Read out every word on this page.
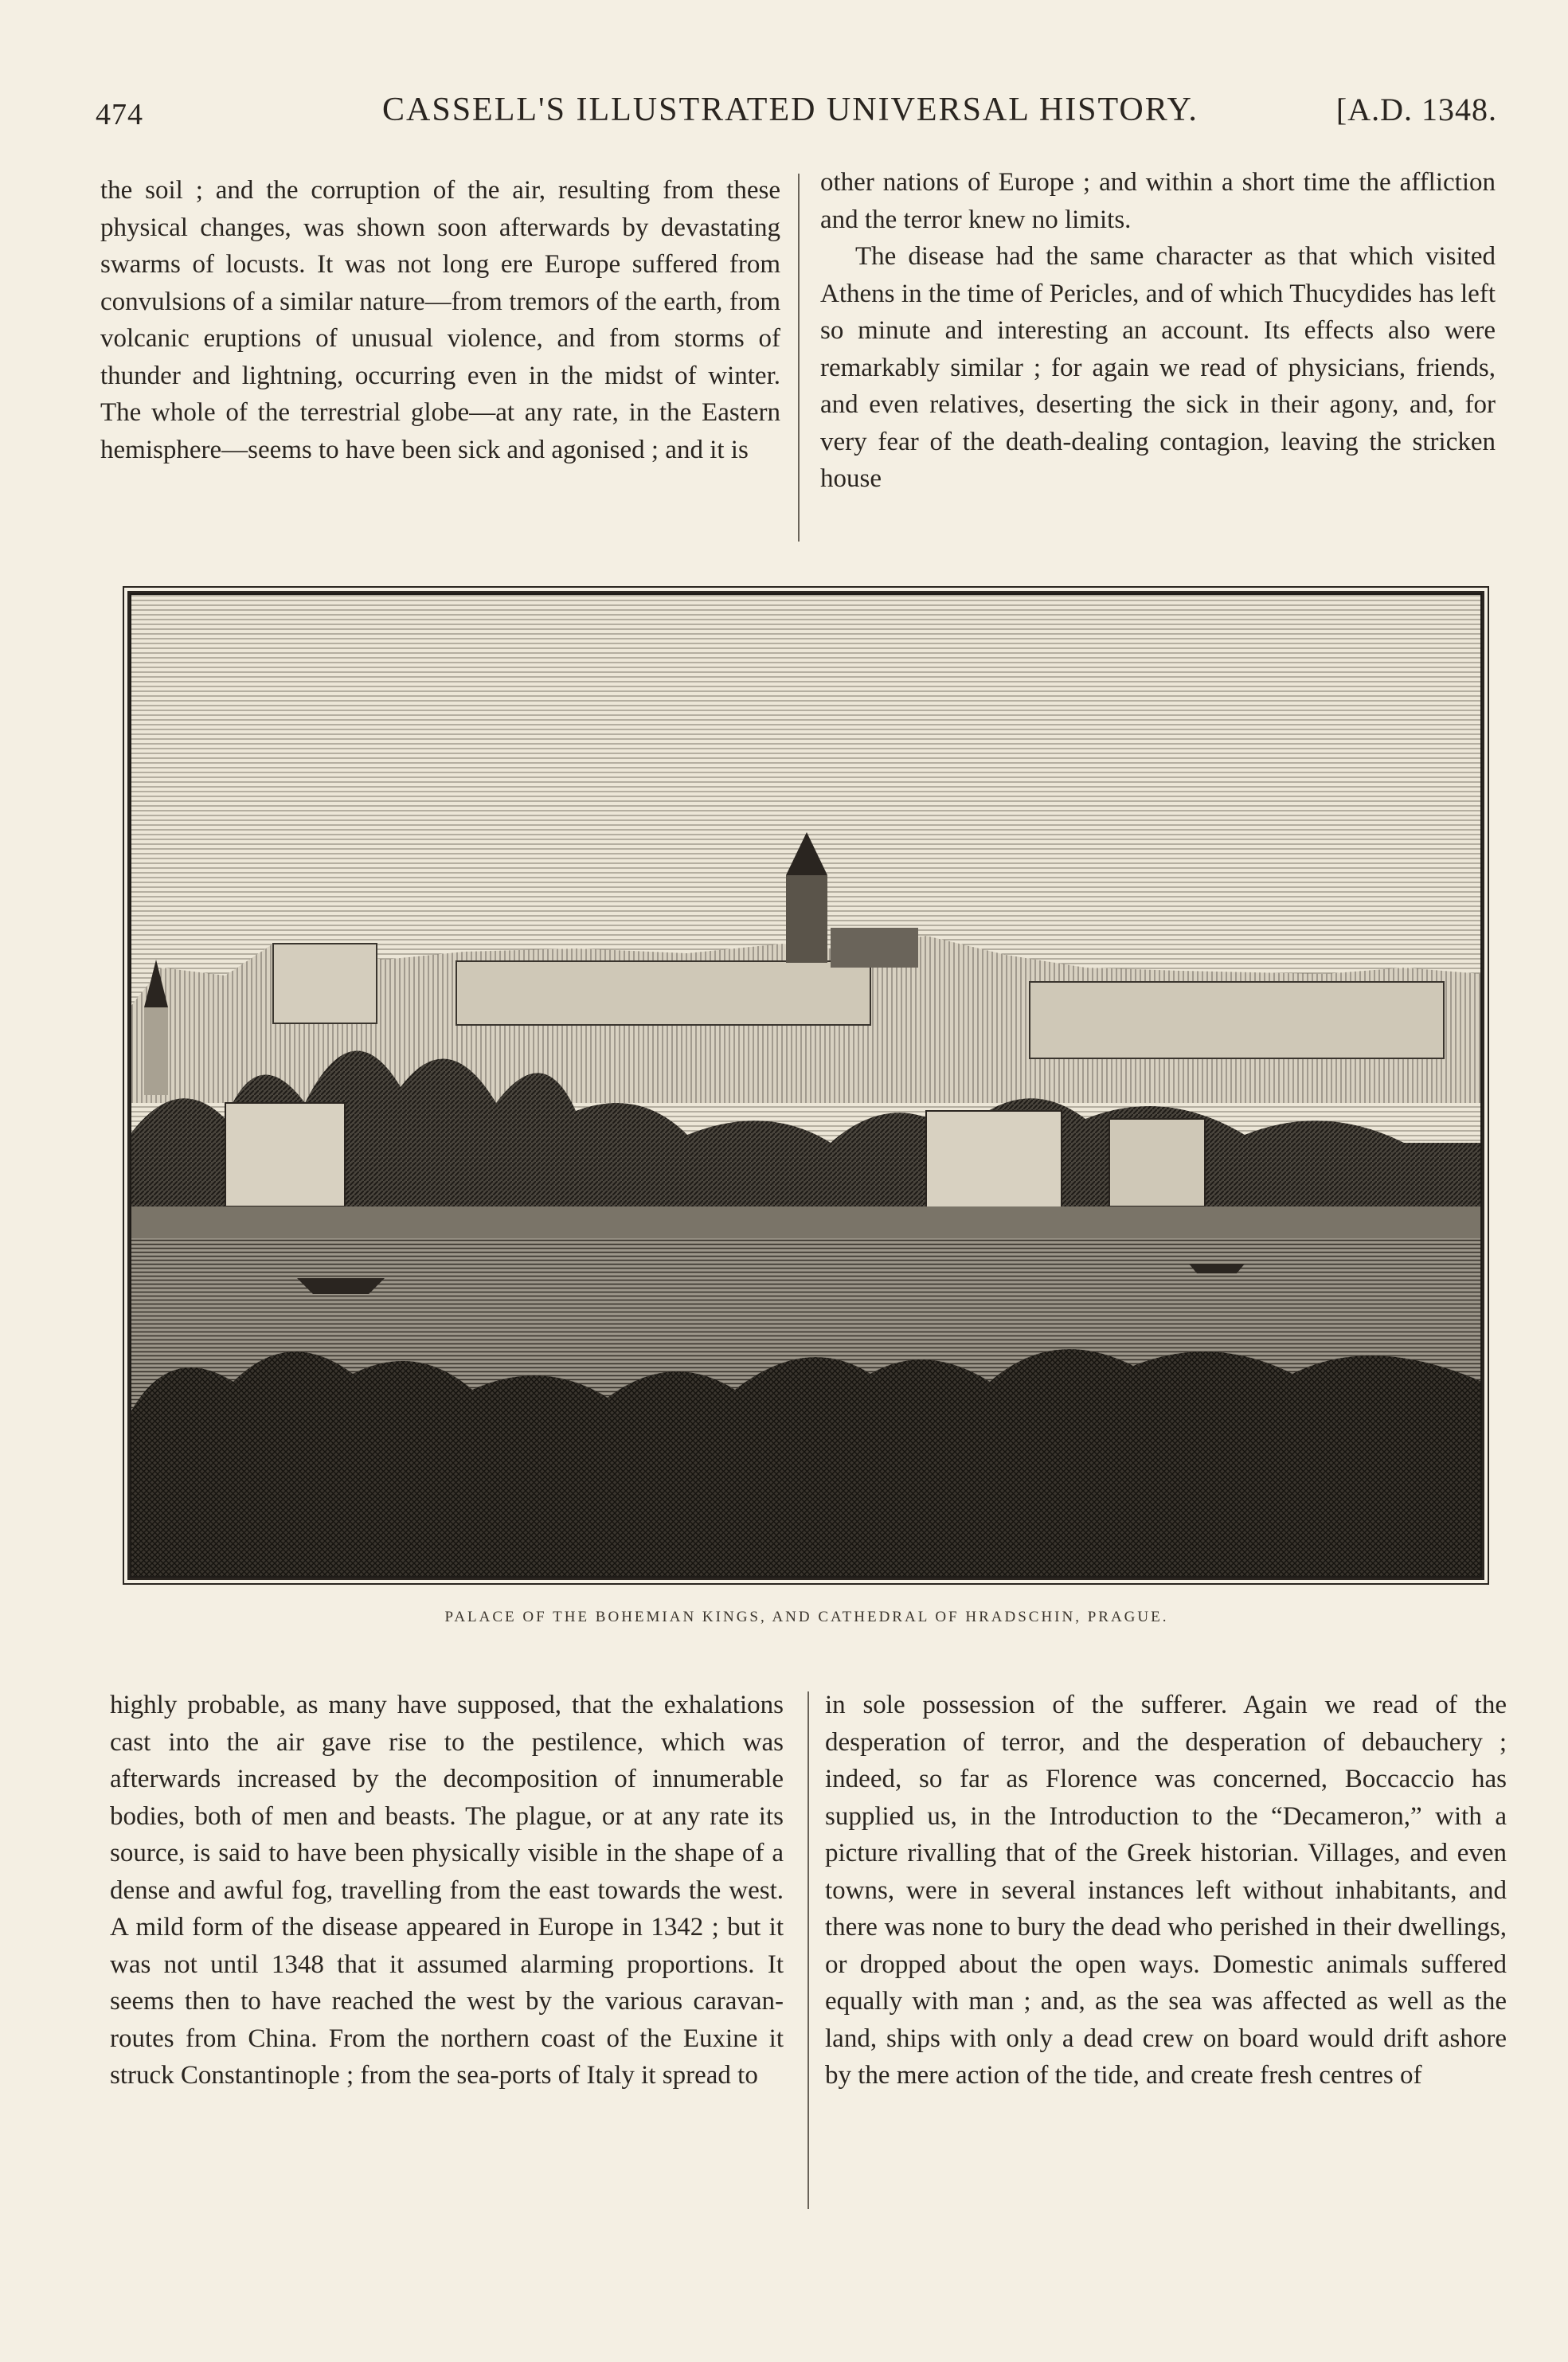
474	CASSELL'S ILLUSTRATED UNIVERSAL HISTORY.	[A.D. 1348.

the soil ; and the corruption of the air, resulting from these physical changes, was shown soon afterwards by devastating swarms of locusts. It was not long ere Europe suffered from convulsions of a similar nature—from tremors of the earth, from volcanic eruptions of unusual violence, and from storms of thunder and lightning, occurring even in the midst of winter. The whole of the terrestrial globe—at any rate, in the Eastern hemisphere—seems to have been sick and agonised ; and it is

other nations of Europe ; and within a short time the affliction and the terror knew no limits.

The disease had the same character as that which visited Athens in the time of Pericles, and of which Thucydides has left so minute and interesting an account. Its effects also were remarkably similar ; for again we read of physicians, friends, and even relatives, deserting the sick in their agony, and, for very fear of the death-dealing contagion, leaving the stricken house

PALACE OF THE BOHEMIAN KINGS, AND CATHEDRAL OF HRADSCHIN, PRAGUE.

highly probable, as many have supposed, that the exhalations cast into the air gave rise to the pestilence, which was afterwards increased by the decomposition of innumerable bodies, both of men and beasts. The plague, or at any rate its source, is said to have been physically visible in the shape of a dense and awful fog, travelling from the east towards the west. A mild form of the disease appeared in Europe in 1342 ; but it was not until 1348 that it assumed alarming proportions. It seems then to have reached the west by the various caravan-routes from China. From the northern coast of the Euxine it struck Constantinople ; from the sea-ports of Italy it spread to

in sole possession of the sufferer. Again we read of the desperation of terror, and the desperation of debauchery ; indeed, so far as Florence was concerned, Boccaccio has supplied us, in the Introduction to the “Decameron,” with a picture rivalling that of the Greek historian. Villages, and even towns, were in several instances left without inhabitants, and there was none to bury the dead who perished in their dwellings, or dropped about the open ways. Domestic animals suffered equally with man ; and, as the sea was affected as well as the land, ships with only a dead crew on board would drift ashore by the mere action of the tide, and create fresh centres of
